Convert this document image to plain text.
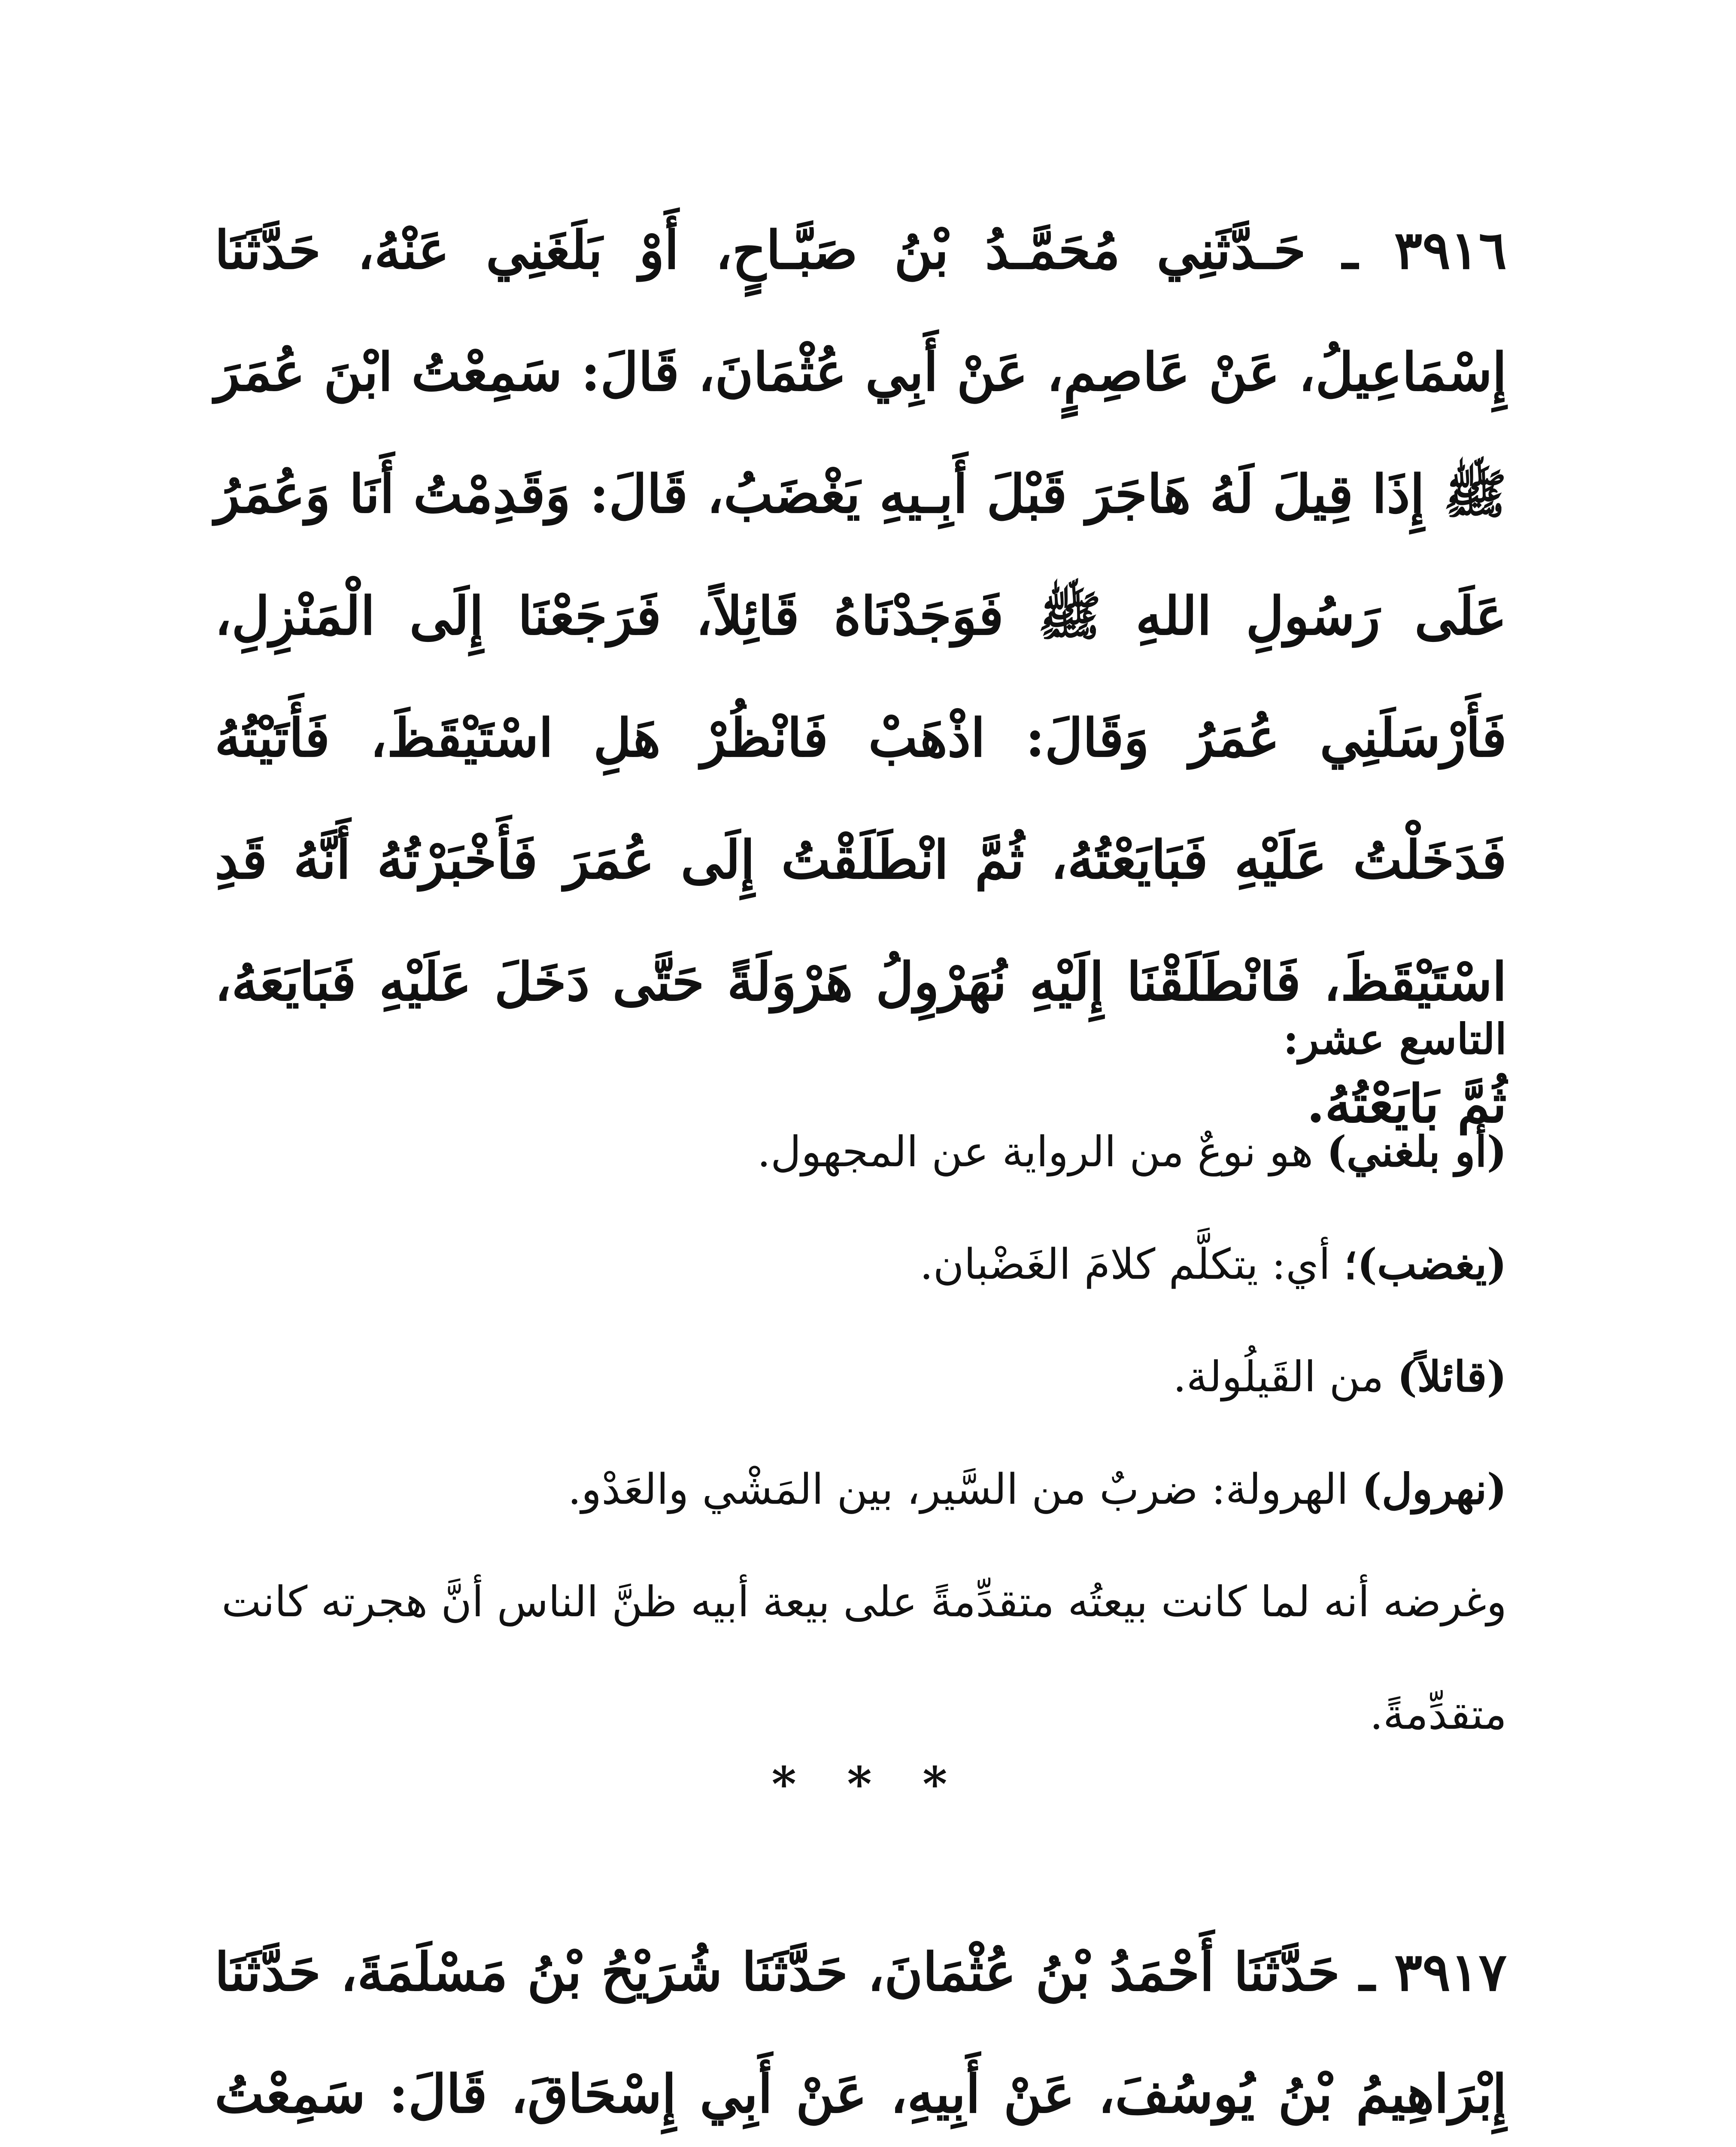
٣٩١٦ ـ حَـدَّثَنِي مُحَمَّـدُ بْنُ صَبَّـاحٍ، أَوْ بَلَغَنِي عَنْهُ، حَدَّثَنَا إِسْمَاعِيلُ، عَنْ عَاصِمٍ، عَنْ أَبِي عُثْمَانَ، قَالَ: سَمِعْتُ ابْنَ عُمَرَ ﷺ إِذَا قِيلَ لَهُ هَاجَرَ قَبْلَ أَبِـيهِ يَغْضَبُ، قَالَ: وَقَدِمْتُ أَنَا وَعُمَرُ عَلَى رَسُولِ اللهِ ﷺ فَوَجَدْنَاهُ قَائِلاً، فَرَجَعْنَا إِلَى الْمَنْزِلِ، فَأَرْسَلَنِي عُمَرُ وَقَالَ: اذْهَبْ فَانْظُرْ هَلِ اسْتَيْقَظَ، فَأَتَيْتُهُ فَدَخَلْتُ عَلَيْهِ فَبَايَعْتُهُ، ثُمَّ انْطَلَقْتُ إِلَى عُمَرَ فَأَخْبَرْتُهُ أَنَّهُ قَدِ اسْتَيْقَظَ، فَانْطَلَقْنَا إِلَيْهِ نُهَرْوِلُ هَرْوَلَةً حَتَّى دَخَلَ عَلَيْهِ فَبَايَعَهُ، ثُمَّ بَايَعْتُهُ.

التاسع عشر:

(أو بلغني) هو نوعٌ من الرواية عن المجهول.

(يغضب)؛ أي: يتكلَّم كلامَ الغَضْبان.

(قائلاً) من القَيلُولة.

(نهرول) الهرولة: ضربٌ من السَّير، بين المَشْي والعَدْو.

وغرضه أنه لما كانت بيعتُه متقدِّمةً على بيعة أبيه ظنَّ الناس أنَّ هجرته كانت متقدِّمةً.

* * *
٣٩١٧ ـ حَدَّثَنَا أَحْمَدُ بْنُ عُثْمَانَ، حَدَّثَنَا شُرَيْحُ بْنُ مَسْلَمَةَ، حَدَّثَنَا إِبْرَاهِيمُ بْنُ يُوسُفَ، عَنْ أَبِيهِ، عَنْ أَبِي إِسْحَاقَ، قَالَ: سَمِعْتُ
